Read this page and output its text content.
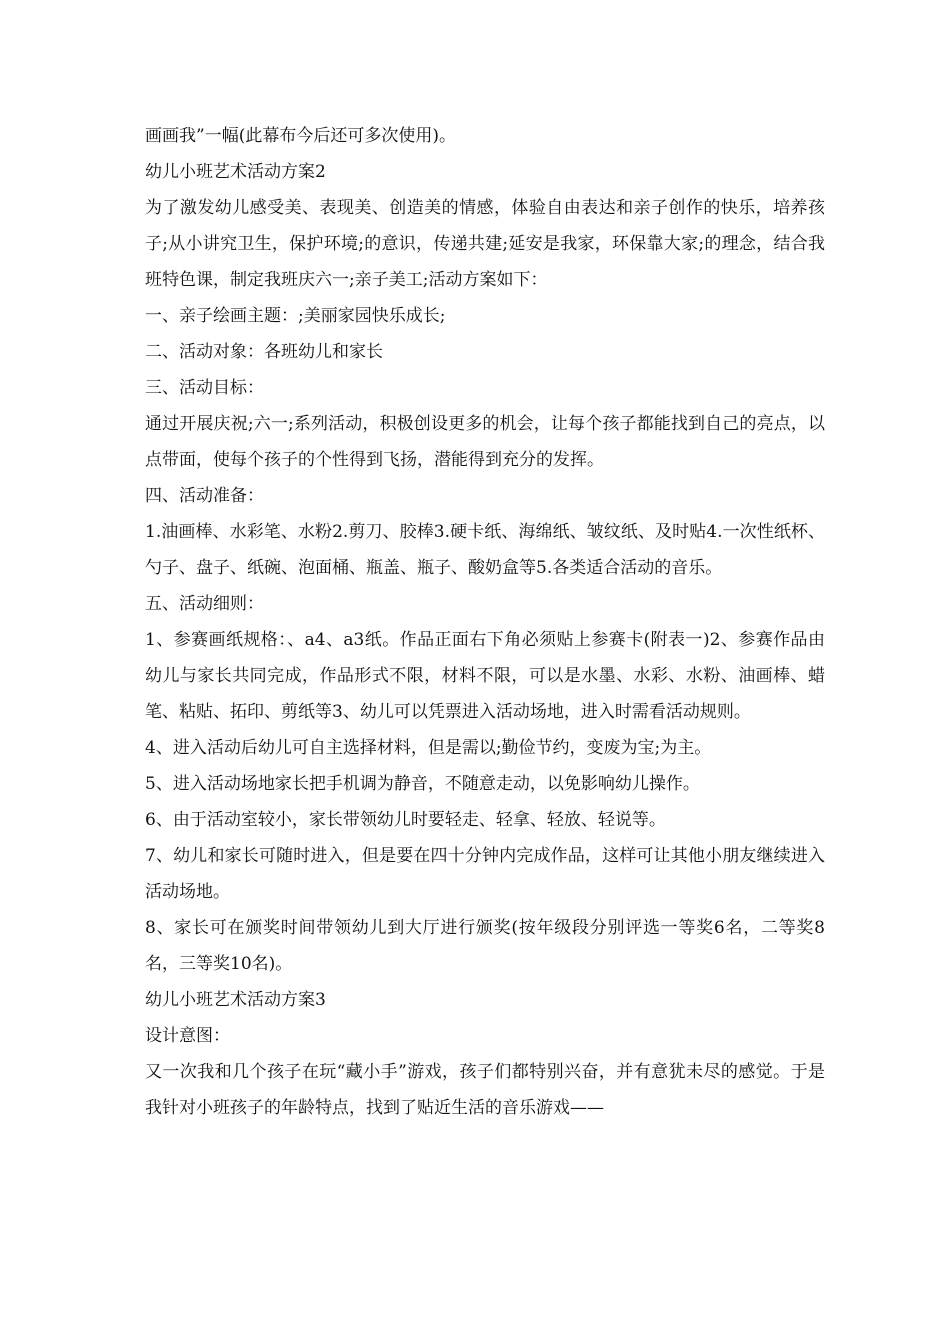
画画我”一幅(此幕布今后还可多次使用)。

幼儿小班艺术活动方案2

为了激发幼儿感受美、表现美、创造美的情感，体验自由表达和亲子创作的快乐，培养孩子;从小讲究卫生，保护环境;的意识，传递共建;延安是我家，环保靠大家;的理念，结合我班特色课，制定我班庆六一;亲子美工;活动方案如下：

一、亲子绘画主题：;美丽家园快乐成长;

二、活动对象：各班幼儿和家长

三、活动目标：

通过开展庆祝;六一;系列活动，积极创设更多的机会，让每个孩子都能找到自己的亮点，以点带面，使每个孩子的个性得到飞扬，潜能得到充分的发挥。

四、活动准备：

1.油画棒、水彩笔、水粉2.剪刀、胶棒3.硬卡纸、海绵纸、皱纹纸、及时贴4.一次性纸杯、勺子、盘子、纸碗、泡面桶、瓶盖、瓶子、酸奶盒等5.各类适合活动的音乐。

五、活动细则：

1、参赛画纸规格：、a4、a3纸。作品正面右下角必须贴上参赛卡(附表一)2、参赛作品由幼儿与家长共同完成，作品形式不限，材料不限，可以是水墨、水彩、水粉、油画棒、蜡笔、粘贴、拓印、剪纸等3、幼儿可以凭票进入活动场地，进入时需看活动规则。

4、进入活动后幼儿可自主选择材料，但是需以;勤俭节约，变废为宝;为主。

5、进入活动场地家长把手机调为静音，不随意走动，以免影响幼儿操作。

6、由于活动室较小，家长带领幼儿时要轻走、轻拿、轻放、轻说等。

7、幼儿和家长可随时进入，但是要在四十分钟内完成作品，这样可让其他小朋友继续进入活动场地。

8、家长可在颁奖时间带领幼儿到大厅进行颁奖(按年级段分别评选一等奖6名，二等奖8名，三等奖10名)。

幼儿小班艺术活动方案3

设计意图：

又一次我和几个孩子在玩“藏小手”游戏，孩子们都特别兴奋，并有意犹未尽的感觉。于是我针对小班孩子的年龄特点，找到了贴近生活的音乐游戏——
